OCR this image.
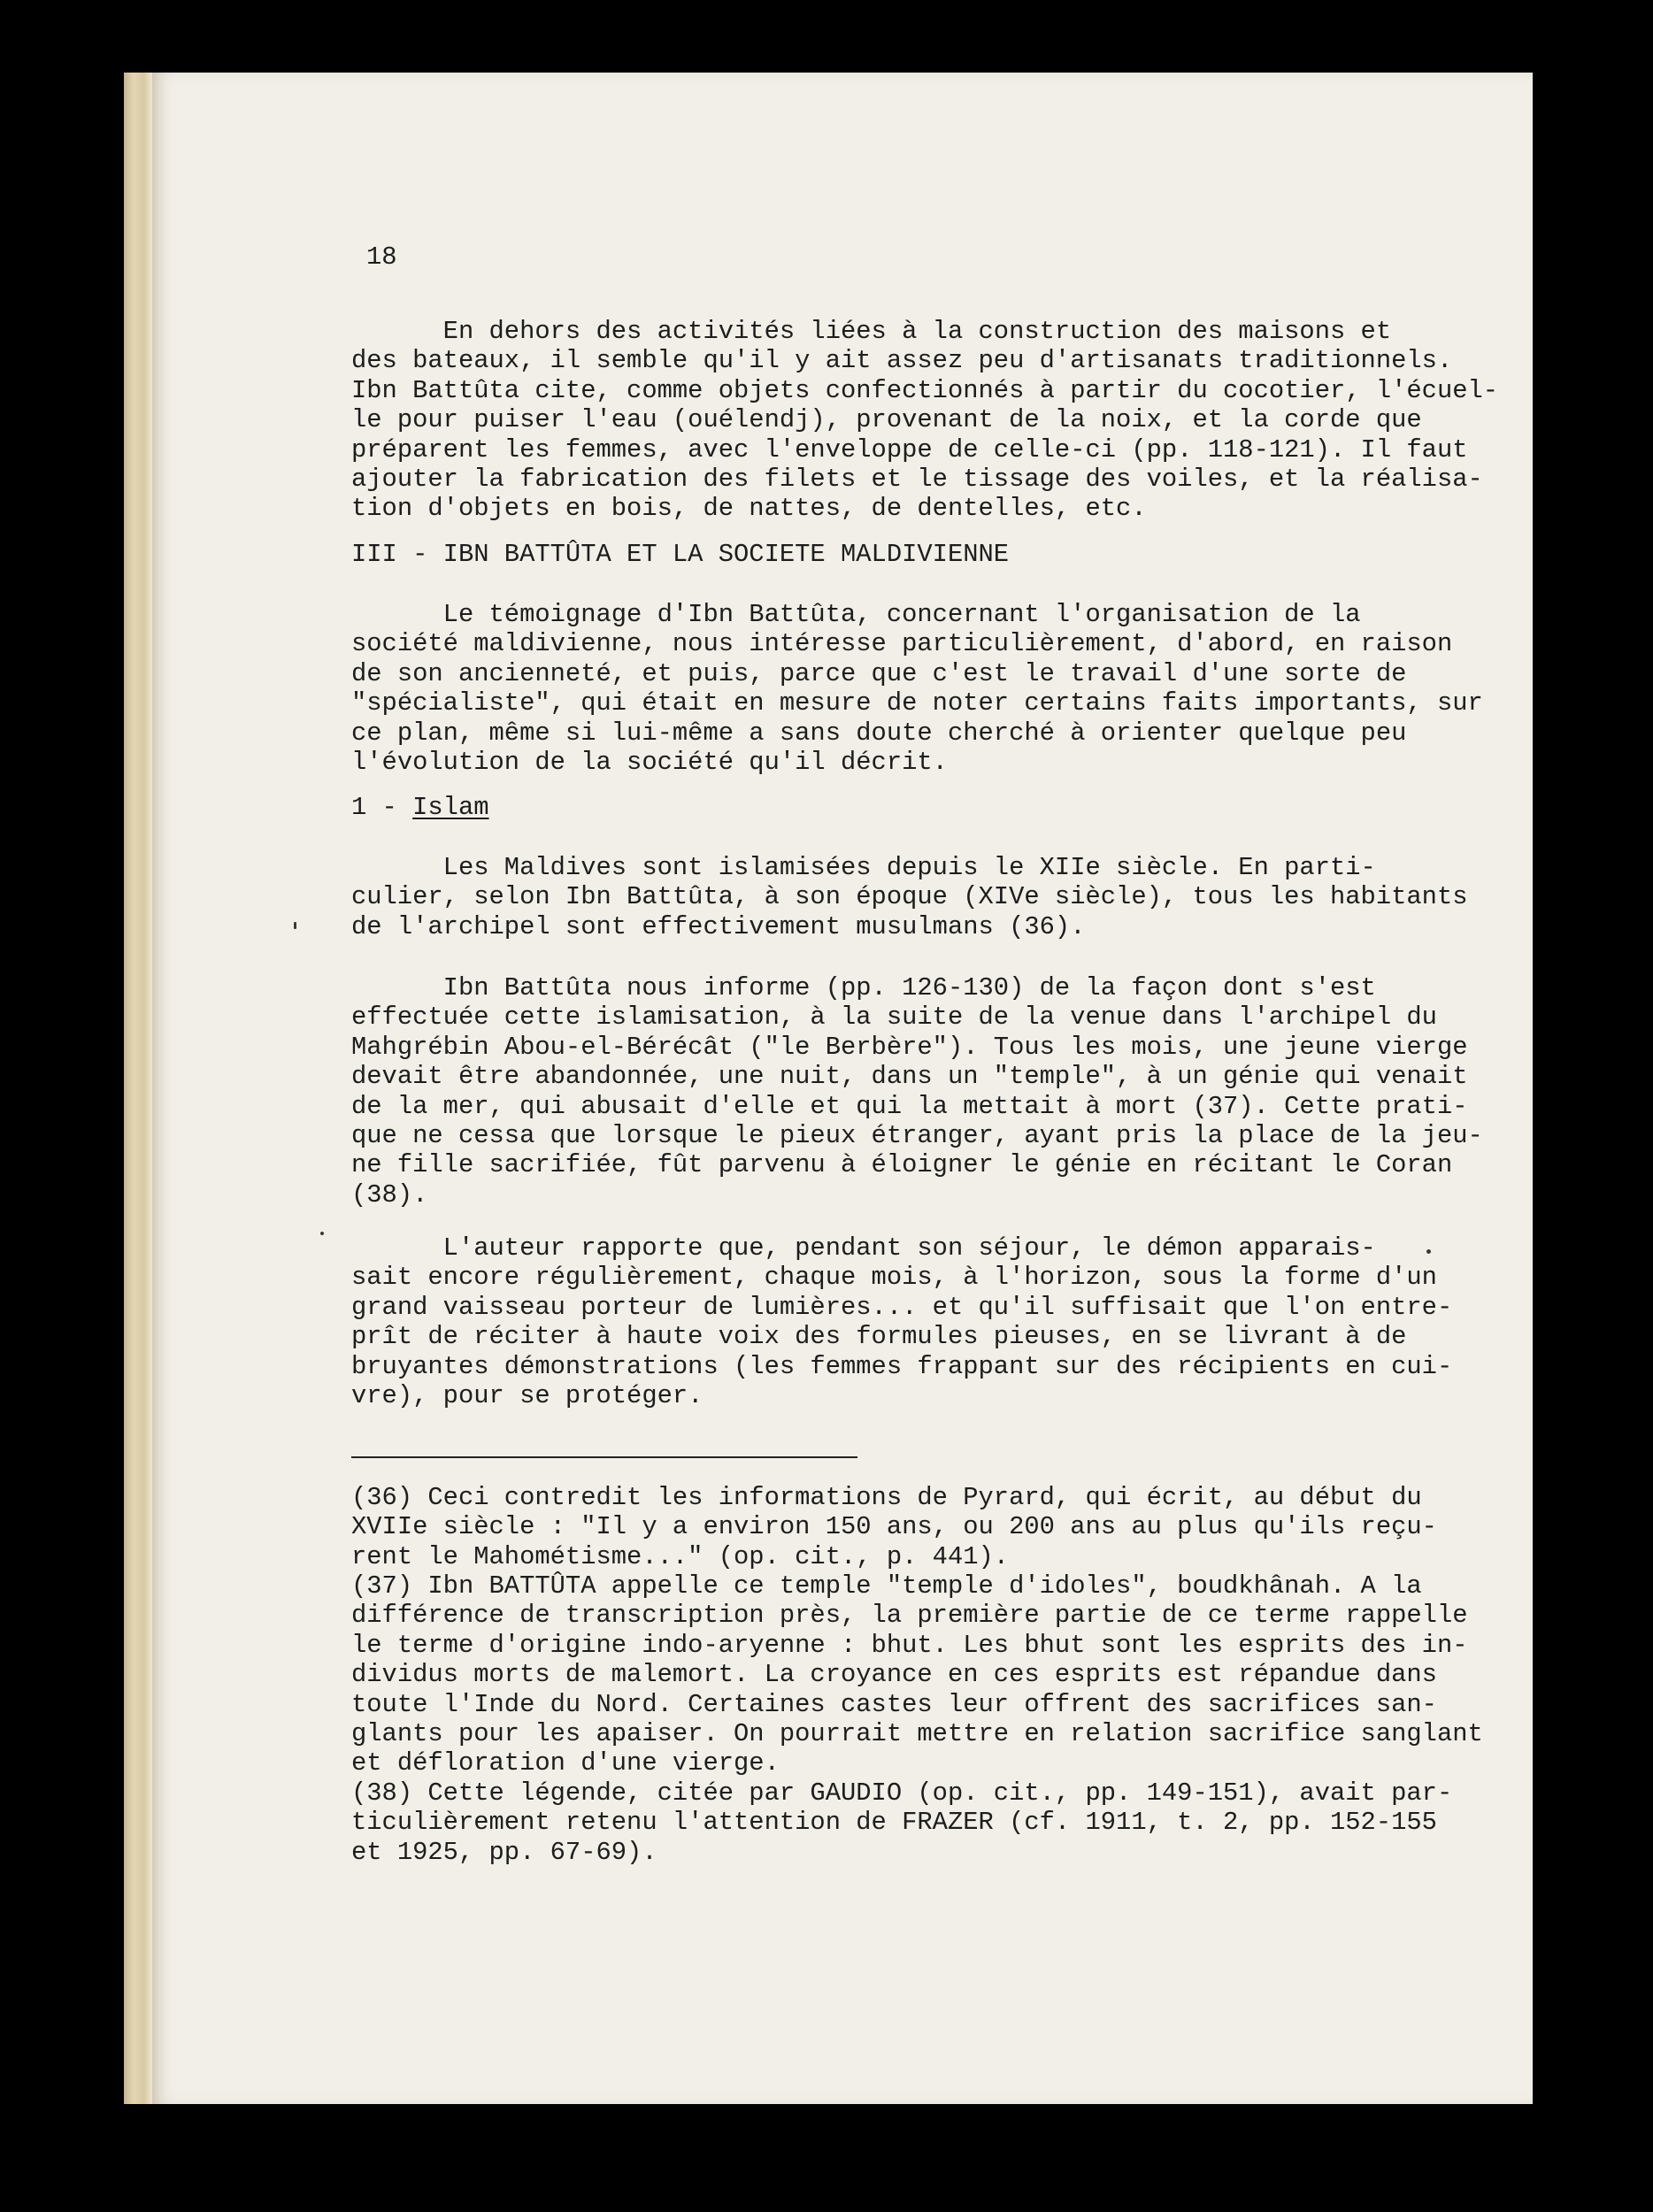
18

En dehors des activités liées à la construction des maisons et
des bateaux, il semble qu'il y ait assez peu d'artisanats traditionnels.
Ibn Battûta cite, comme objets confectionnés à partir du cocotier, l'écuel-
le pour puiser l'eau (ouélendj), provenant de la noix, et la corde que
préparent les femmes, avec l'enveloppe de celle-ci (pp. 118-121). Il faut
ajouter la fabrication des filets et le tissage des voiles, et la réalisa-
tion d'objets en bois, de nattes, de dentelles, etc.

III - IBN BATTÛTA ET LA SOCIETE MALDIVIENNE

Le témoignage d'Ibn Battûta, concernant l'organisation de la
société maldivienne, nous intéresse particulièrement, d'abord, en raison
de son ancienneté, et puis, parce que c'est le travail d'une sorte de
"spécialiste", qui était en mesure de noter certains faits importants, sur
ce plan, même si lui-même a sans doute cherché à orienter quelque peu
l'évolution de la société qu'il décrit.

1 - Islam

Les Maldives sont islamisées depuis le XIIe siècle. En parti-
culier, selon Ibn Battûta, à son époque (XIVe siècle), tous les habitants
de l'archipel sont effectivement musulmans (36).

Ibn Battûta nous informe (pp. 126-130) de la façon dont s'est
effectuée cette islamisation, à la suite de la venue dans l'archipel du
Mahgrébin Abou-el-Bérécât ("le Berbère"). Tous les mois, une jeune vierge
devait être abandonnée, une nuit, dans un "temple", à un génie qui venait
de la mer, qui abusait d'elle et qui la mettait à mort (37). Cette prati-
que ne cessa que lorsque le pieux étranger, ayant pris la place de la jeu-
ne fille sacrifiée, fût parvenu à éloigner le génie en récitant le Coran
(38).

L'auteur rapporte que, pendant son séjour, le démon apparais-
sait encore régulièrement, chaque mois, à l'horizon, sous la forme d'un
grand vaisseau porteur de lumières... et qu'il suffisait que l'on entre-
prît de réciter à haute voix des formules pieuses, en se livrant à de
bruyantes démonstrations (les femmes frappant sur des récipients en cui-
vre), pour se protéger.

(36) Ceci contredit les informations de Pyrard, qui écrit, au début du
XVIIe siècle : "Il y a environ 150 ans, ou 200 ans au plus qu'ils reçu-
rent le Mahométisme..." (op. cit., p. 441).

(37) Ibn BATTÛTA appelle ce temple "temple d'idoles", boudkhânah. A la
différence de transcription près, la première partie de ce terme rappelle
le terme d'origine indo-aryenne : bhut. Les bhut sont les esprits des in-
dividus morts de malemort. La croyance en ces esprits est répandue dans
toute l'Inde du Nord. Certaines castes leur offrent des sacrifices san-
glants pour les apaiser. On pourrait mettre en relation sacrifice sanglant
et défloration d'une vierge.

(38) Cette légende, citée par GAUDIO (op. cit., pp. 149-151), avait par-
ticulièrement retenu l'attention de FRAZER (cf. 1911, t. 2, pp. 152-155
et 1925, pp. 67-69).
